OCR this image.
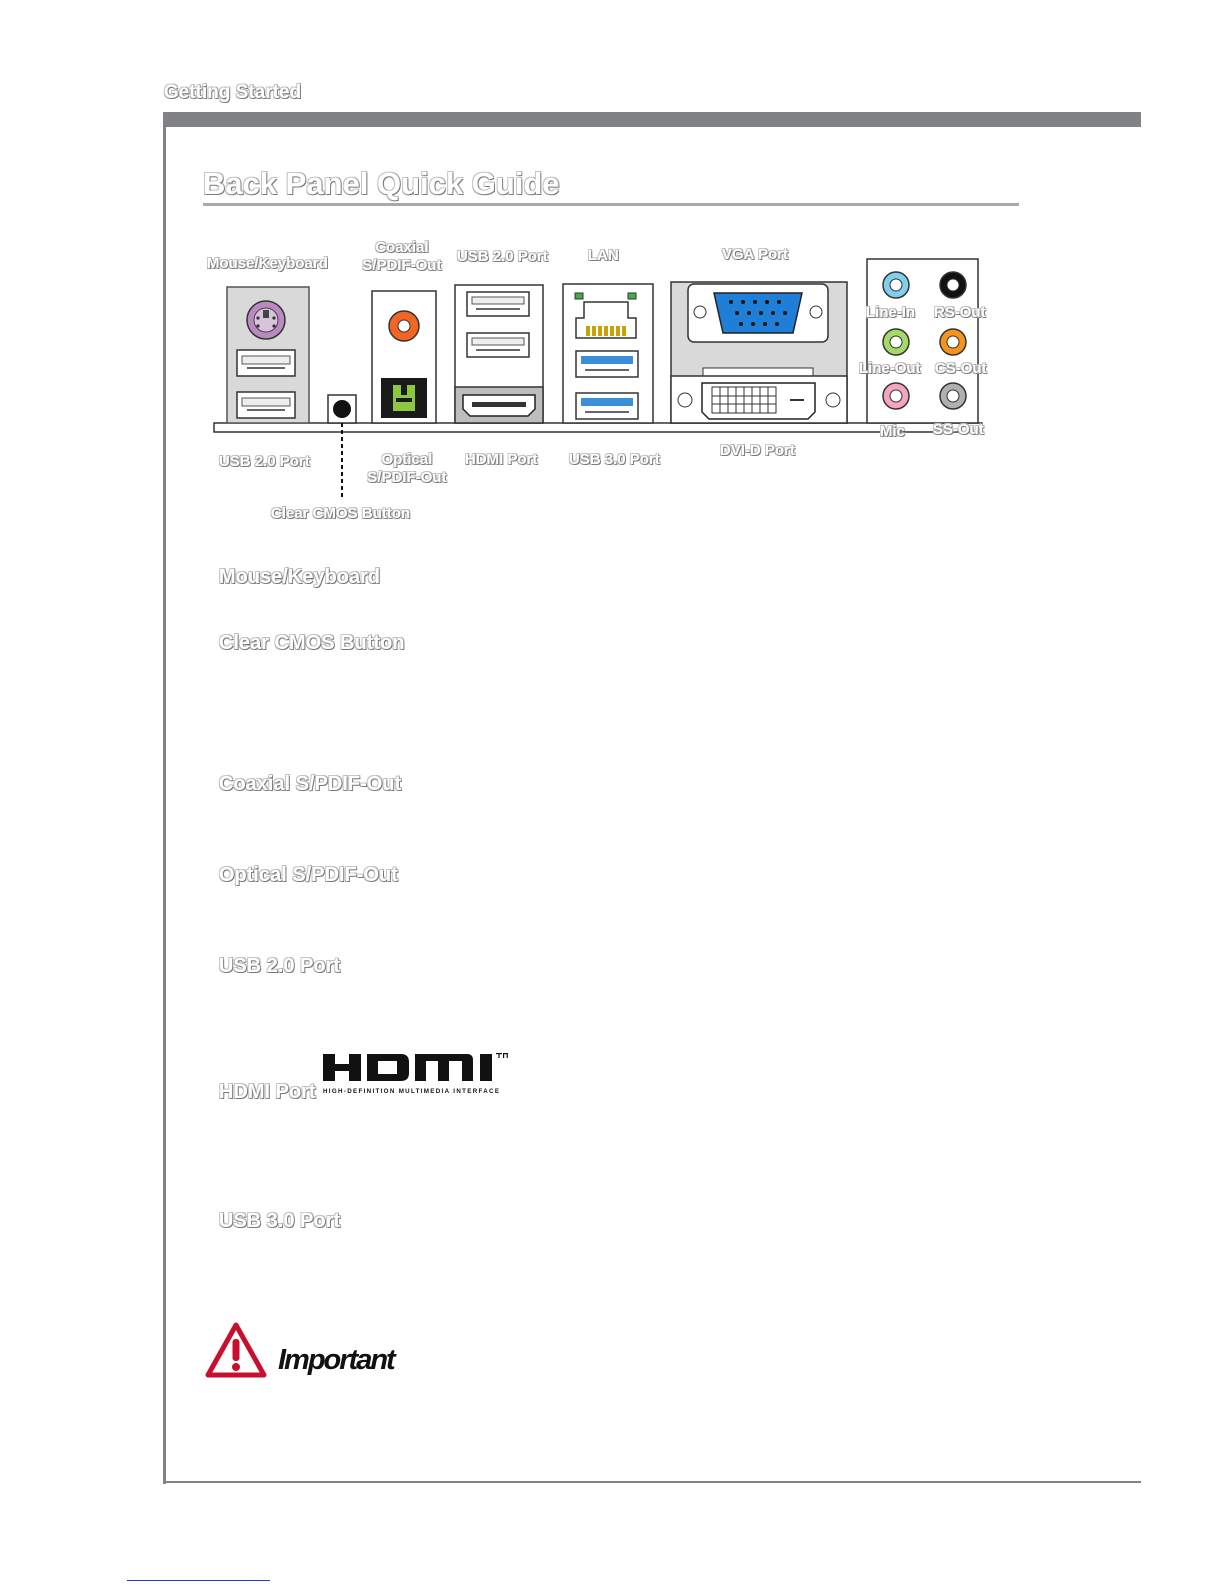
Getting Started
Back Panel Quick Guide
Mouse/Keyboard
Coaxial
S/PDIF-Out
USB 2.0 Port	LAN	VGA Port
Line-In RS-Out
Line-Out CS-Out
Mic SS-Out
USB 2.0 Port	Optical
S/PDIF-Out
HDMI Port USB 3.0 Port
DVI-D Port
Clear CMOS Button
Mouse/Keyboard
Clear CMOS Button
Coaxial S/PDIF-Out
Optical S/PDIF-Out
USB 2.0 Port
HDMI Port
USB 3.0 Port
HIGH-DEFINITION MULTIMEDIA INTERFACE
Important
